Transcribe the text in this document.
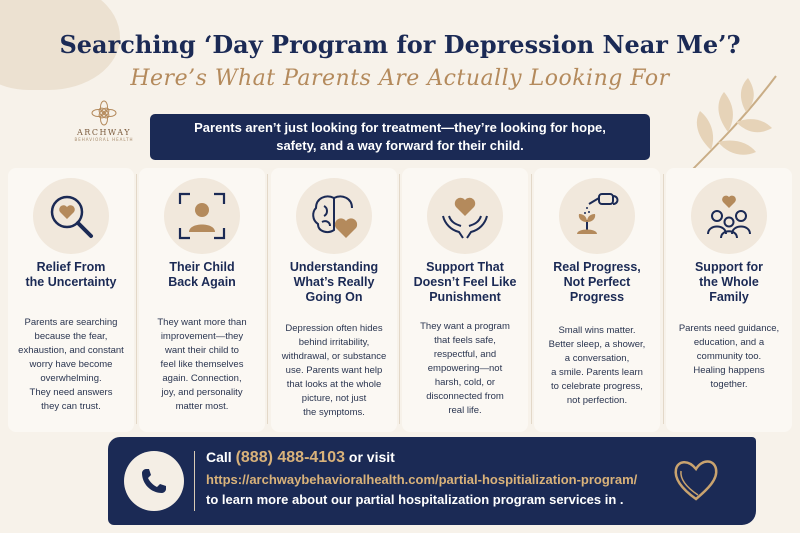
ARCHWAY
BEHAVIORAL HEALTH
Searching ‘Day Program for Depression Near Me’?
Here’s What Parents Are Actually Looking For
Parents aren’t just looking for treatment—they’re looking for hope,
safety, and a way forward for their child.
Relief From
the Uncertainty
Parents are searching
because the fear,
exhaustion, and constant
worry have become
overwhelming.
They need answers
they can trust.
Their Child
Back Again
They want more than
improvement—they
want their child to
feel like themselves
again. Connection,
joy, and personality
matter most.
Understanding
What’s Really
Going On
Depression often hides
behind irritability,
withdrawal, or substance
use. Parents want help
that looks at the whole
picture, not just
the symptoms.
Support That
Doesn’t Feel Like
Punishment
They want a program
that feels safe,
respectful, and
empowering—not
harsh, cold, or
disconnected from
real life.
Real Progress,
Not Perfect
Progress
Small wins matter.
Better sleep, a shower,
a conversation,
a smile. Parents learn
to celebrate progress,
not perfection.
Support for
the Whole
Family
Parents need guidance,
education, and a
community too.
Healing happens
together.
Call (888) 488-4103 or visit
https://archwaybehavioralhealth.com/partial-hospitialization-program/
to learn more about our partial hospitalization program services in .
